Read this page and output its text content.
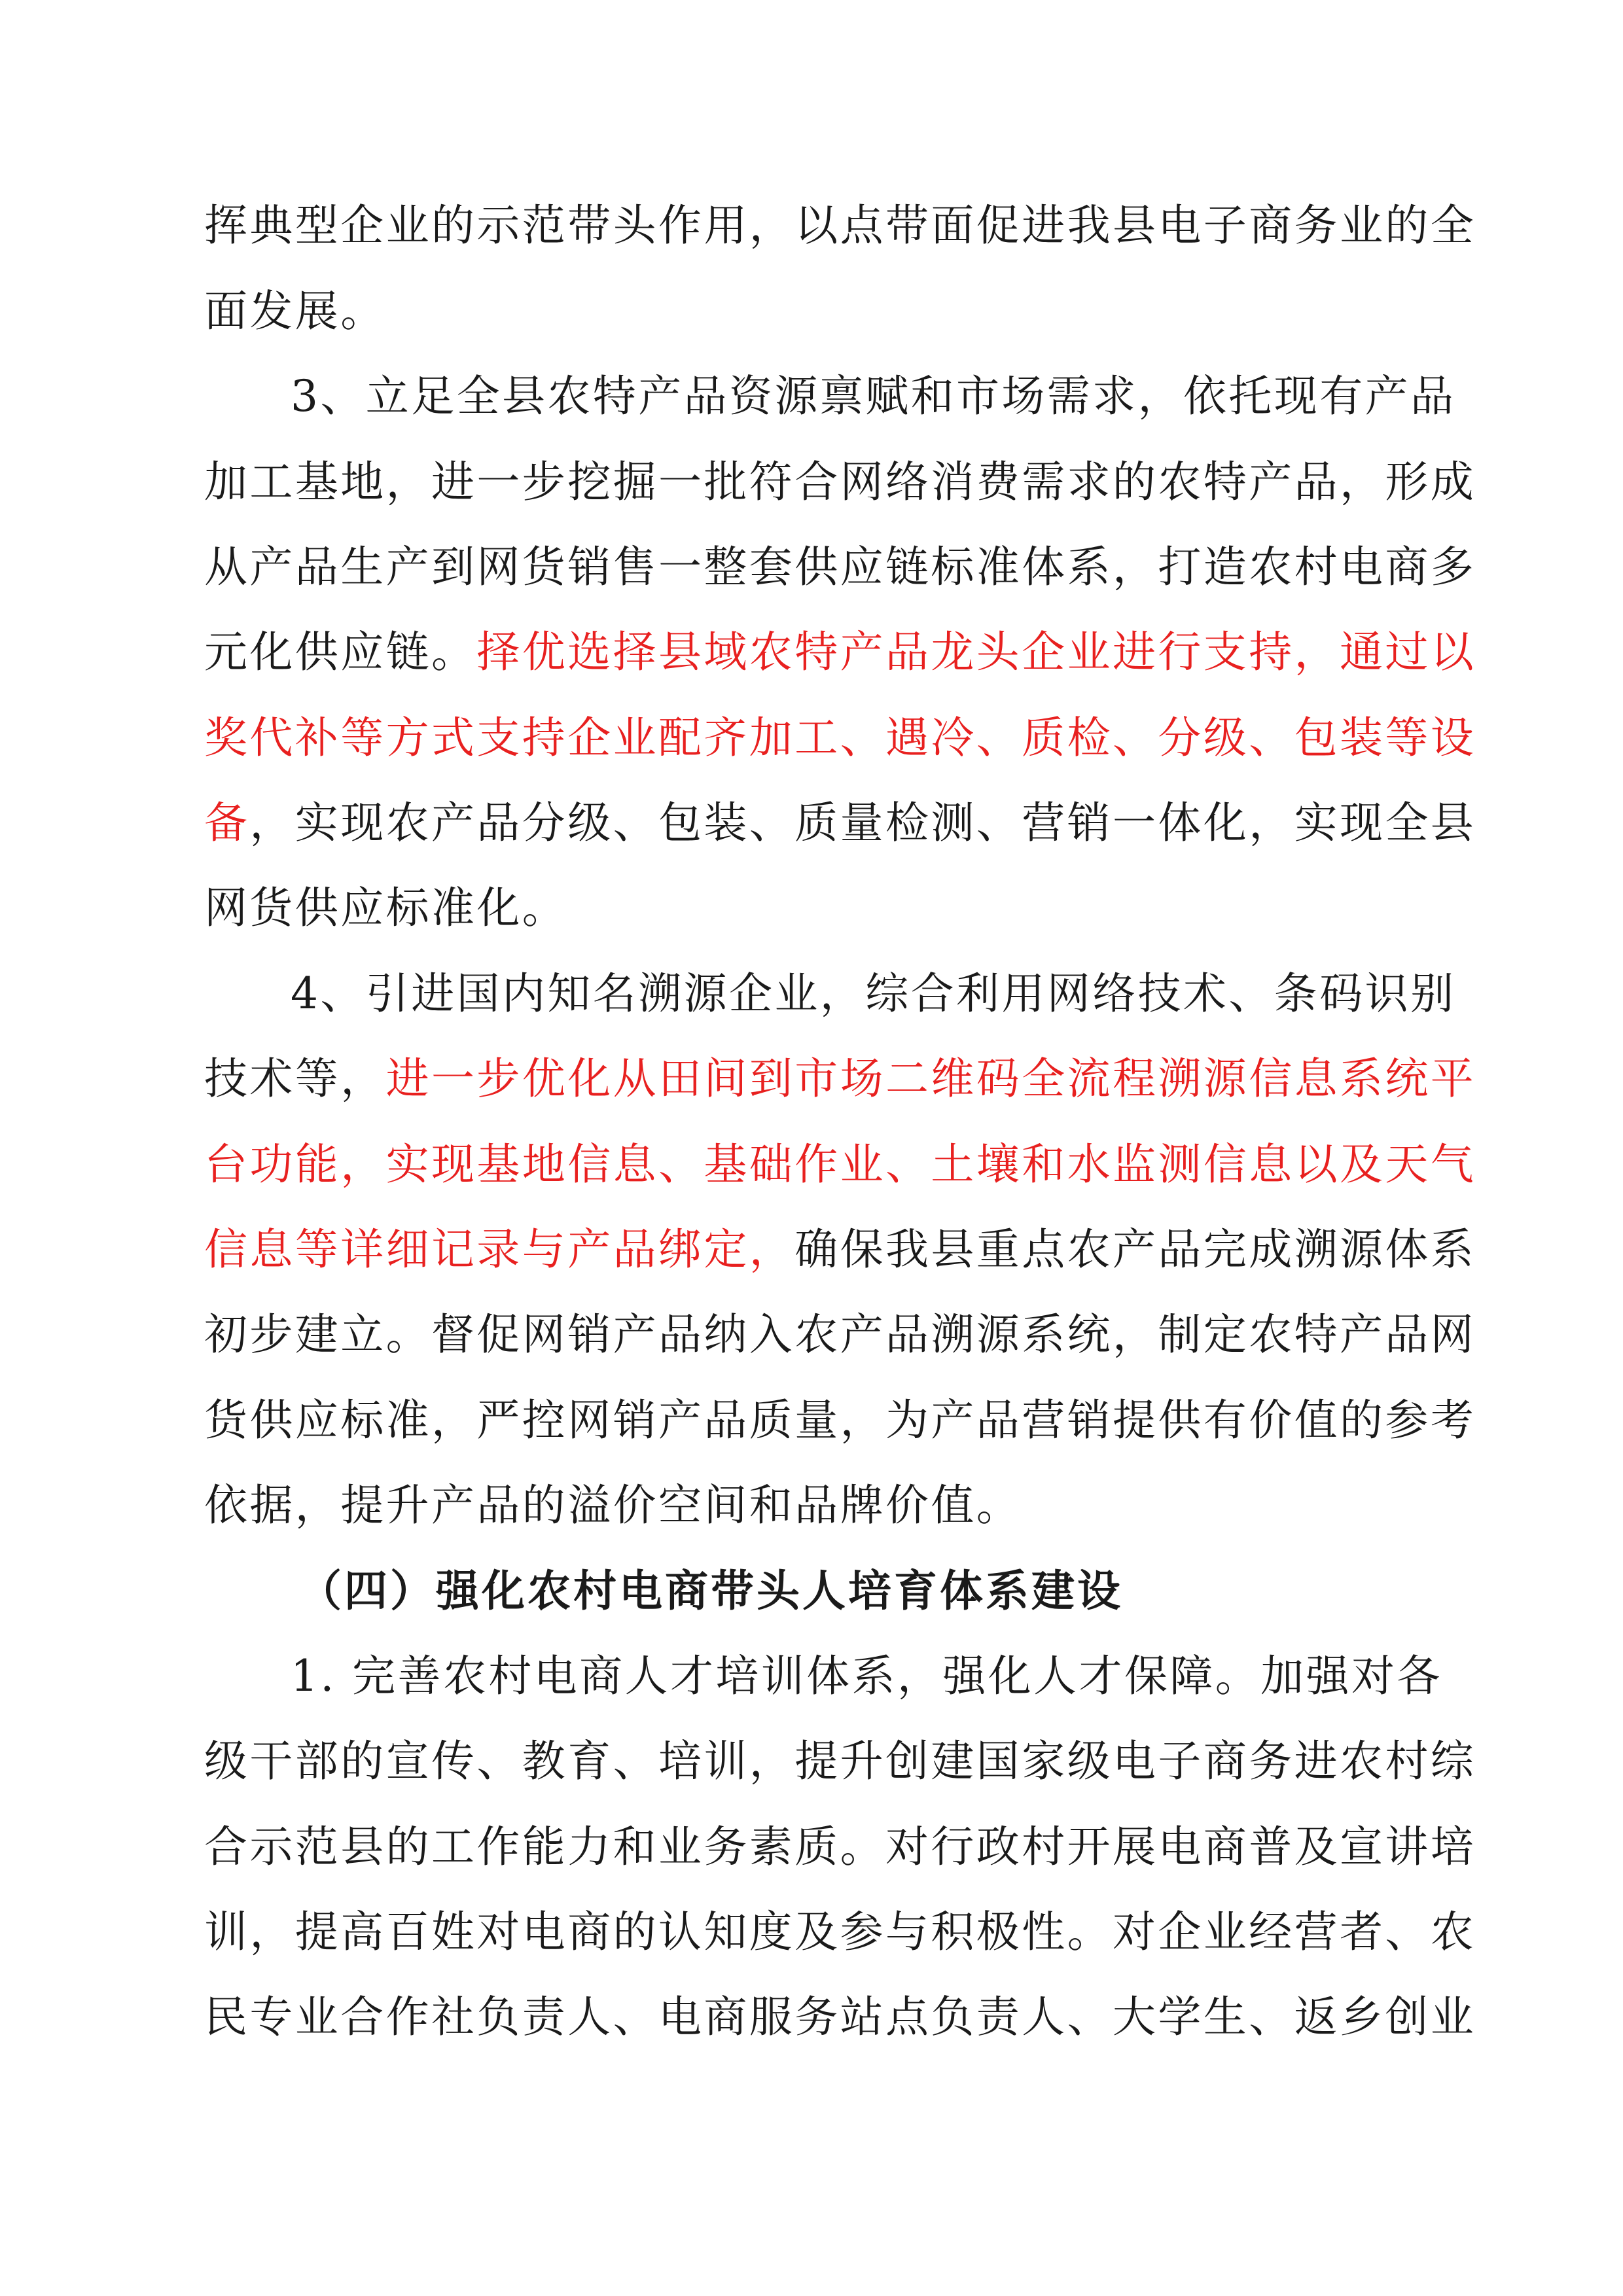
挥典型企业的示范带头作用，以点带面促进我县电子商务业的全
面发展。
3、立足全县农特产品资源禀赋和市场需求，依托现有产品
加工基地，进一步挖掘一批符合网络消费需求的农特产品，形成
从产品生产到网货销售一整套供应链标准体系，打造农村电商多
元化供应链。择优选择县域农特产品龙头企业进行支持，通过以
奖代补等方式支持企业配齐加工、遇冷、质检、分级、包装等设
备，实现农产品分级、包装、质量检测、营销一体化，实现全县
网货供应标准化。
4、引进国内知名溯源企业，综合利用网络技术、条码识别
技术等，进一步优化从田间到市场二维码全流程溯源信息系统平
台功能，实现基地信息、基础作业、土壤和水监测信息以及天气
信息等详细记录与产品绑定，确保我县重点农产品完成溯源体系
初步建立。督促网销产品纳入农产品溯源系统，制定农特产品网
货供应标准，严控网销产品质量，为产品营销提供有价值的参考
依据，提升产品的溢价空间和品牌价值。
（四）强化农村电商带头人培育体系建设
1. 完善农村电商人才培训体系，强化人才保障。加强对各
级干部的宣传、教育、培训，提升创建国家级电子商务进农村综
合示范县的工作能力和业务素质。对行政村开展电商普及宣讲培
训，提高百姓对电商的认知度及参与积极性。对企业经营者、农
民专业合作社负责人、电商服务站点负责人、大学生、返乡创业
